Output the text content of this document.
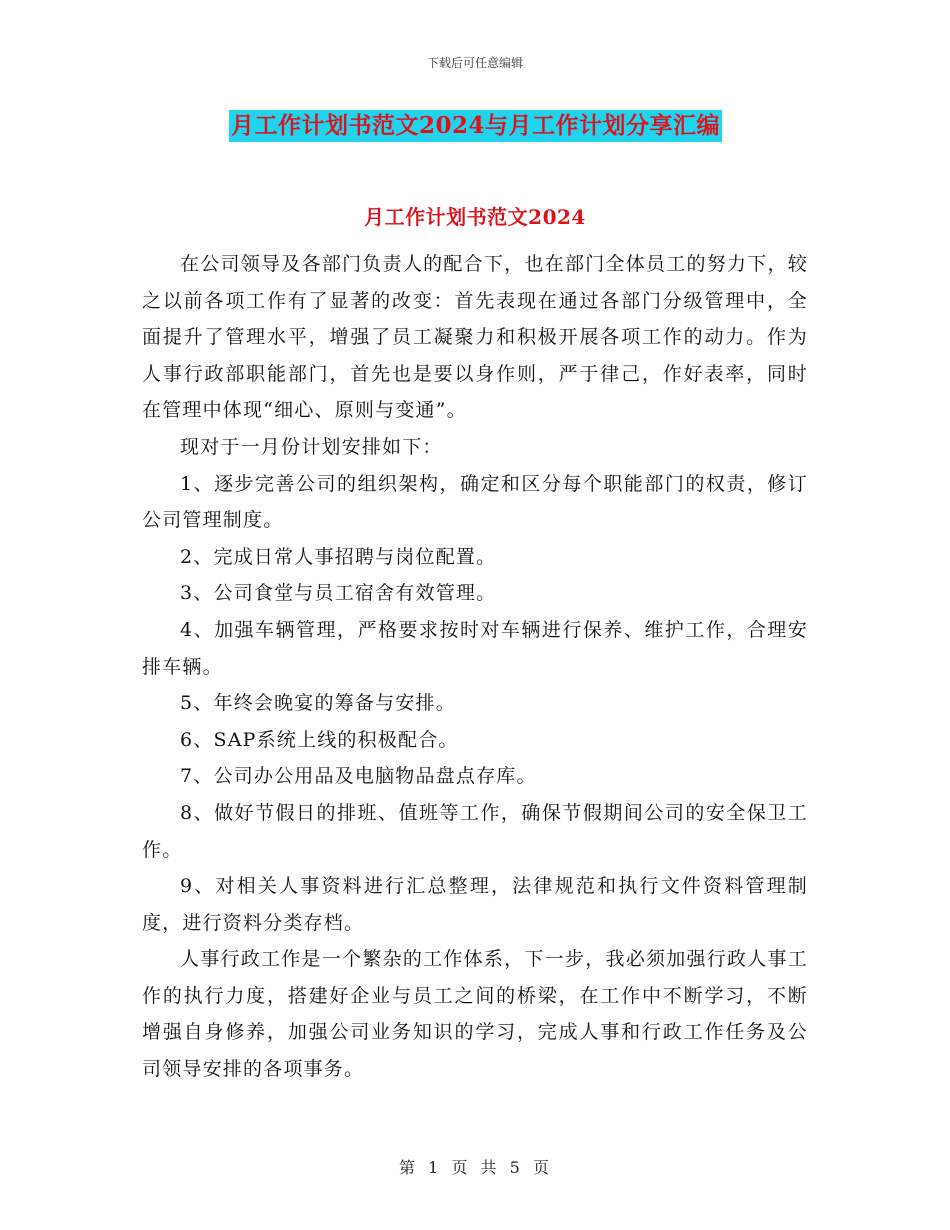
下载后可任意编辑
月工作计划书范文2024与月工作计划分享汇编
月工作计划书范文2024

在公司领导及各部门负责人的配合下，也在部门全体员工的努力下，较之以前各项工作有了显著的改变：首先表现在通过各部门分级管理中，全面提升了管理水平，增强了员工凝聚力和积极开展各项工作的动力。作为人事行政部职能部门，首先也是要以身作则，严于律己，作好表率，同时在管理中体现“细心、原则与变通”。

现对于一月份计划安排如下：

1、逐步完善公司的组织架构，确定和区分每个职能部门的权责，修订公司管理制度。

2、完成日常人事招聘与岗位配置。

3、公司食堂与员工宿舍有效管理。

4、加强车辆管理，严格要求按时对车辆进行保养、维护工作，合理安排车辆。

5、年终会晚宴的筹备与安排。

6、SAP系统上线的积极配合。

7、公司办公用品及电脑物品盘点存库。

8、做好节假日的排班、值班等工作，确保节假期间公司的安全保卫工作。

9、对相关人事资料进行汇总整理，法律规范和执行文件资料管理制度，进行资料分类存档。

人事行政工作是一个繁杂的工作体系，下一步，我必须加强行政人事工作的执行力度，搭建好企业与员工之间的桥梁，在工作中不断学习，不断增强自身修养，加强公司业务知识的学习，完成人事和行政工作任务及公司领导安排的各项事务。

第 1 页 共 5 页
